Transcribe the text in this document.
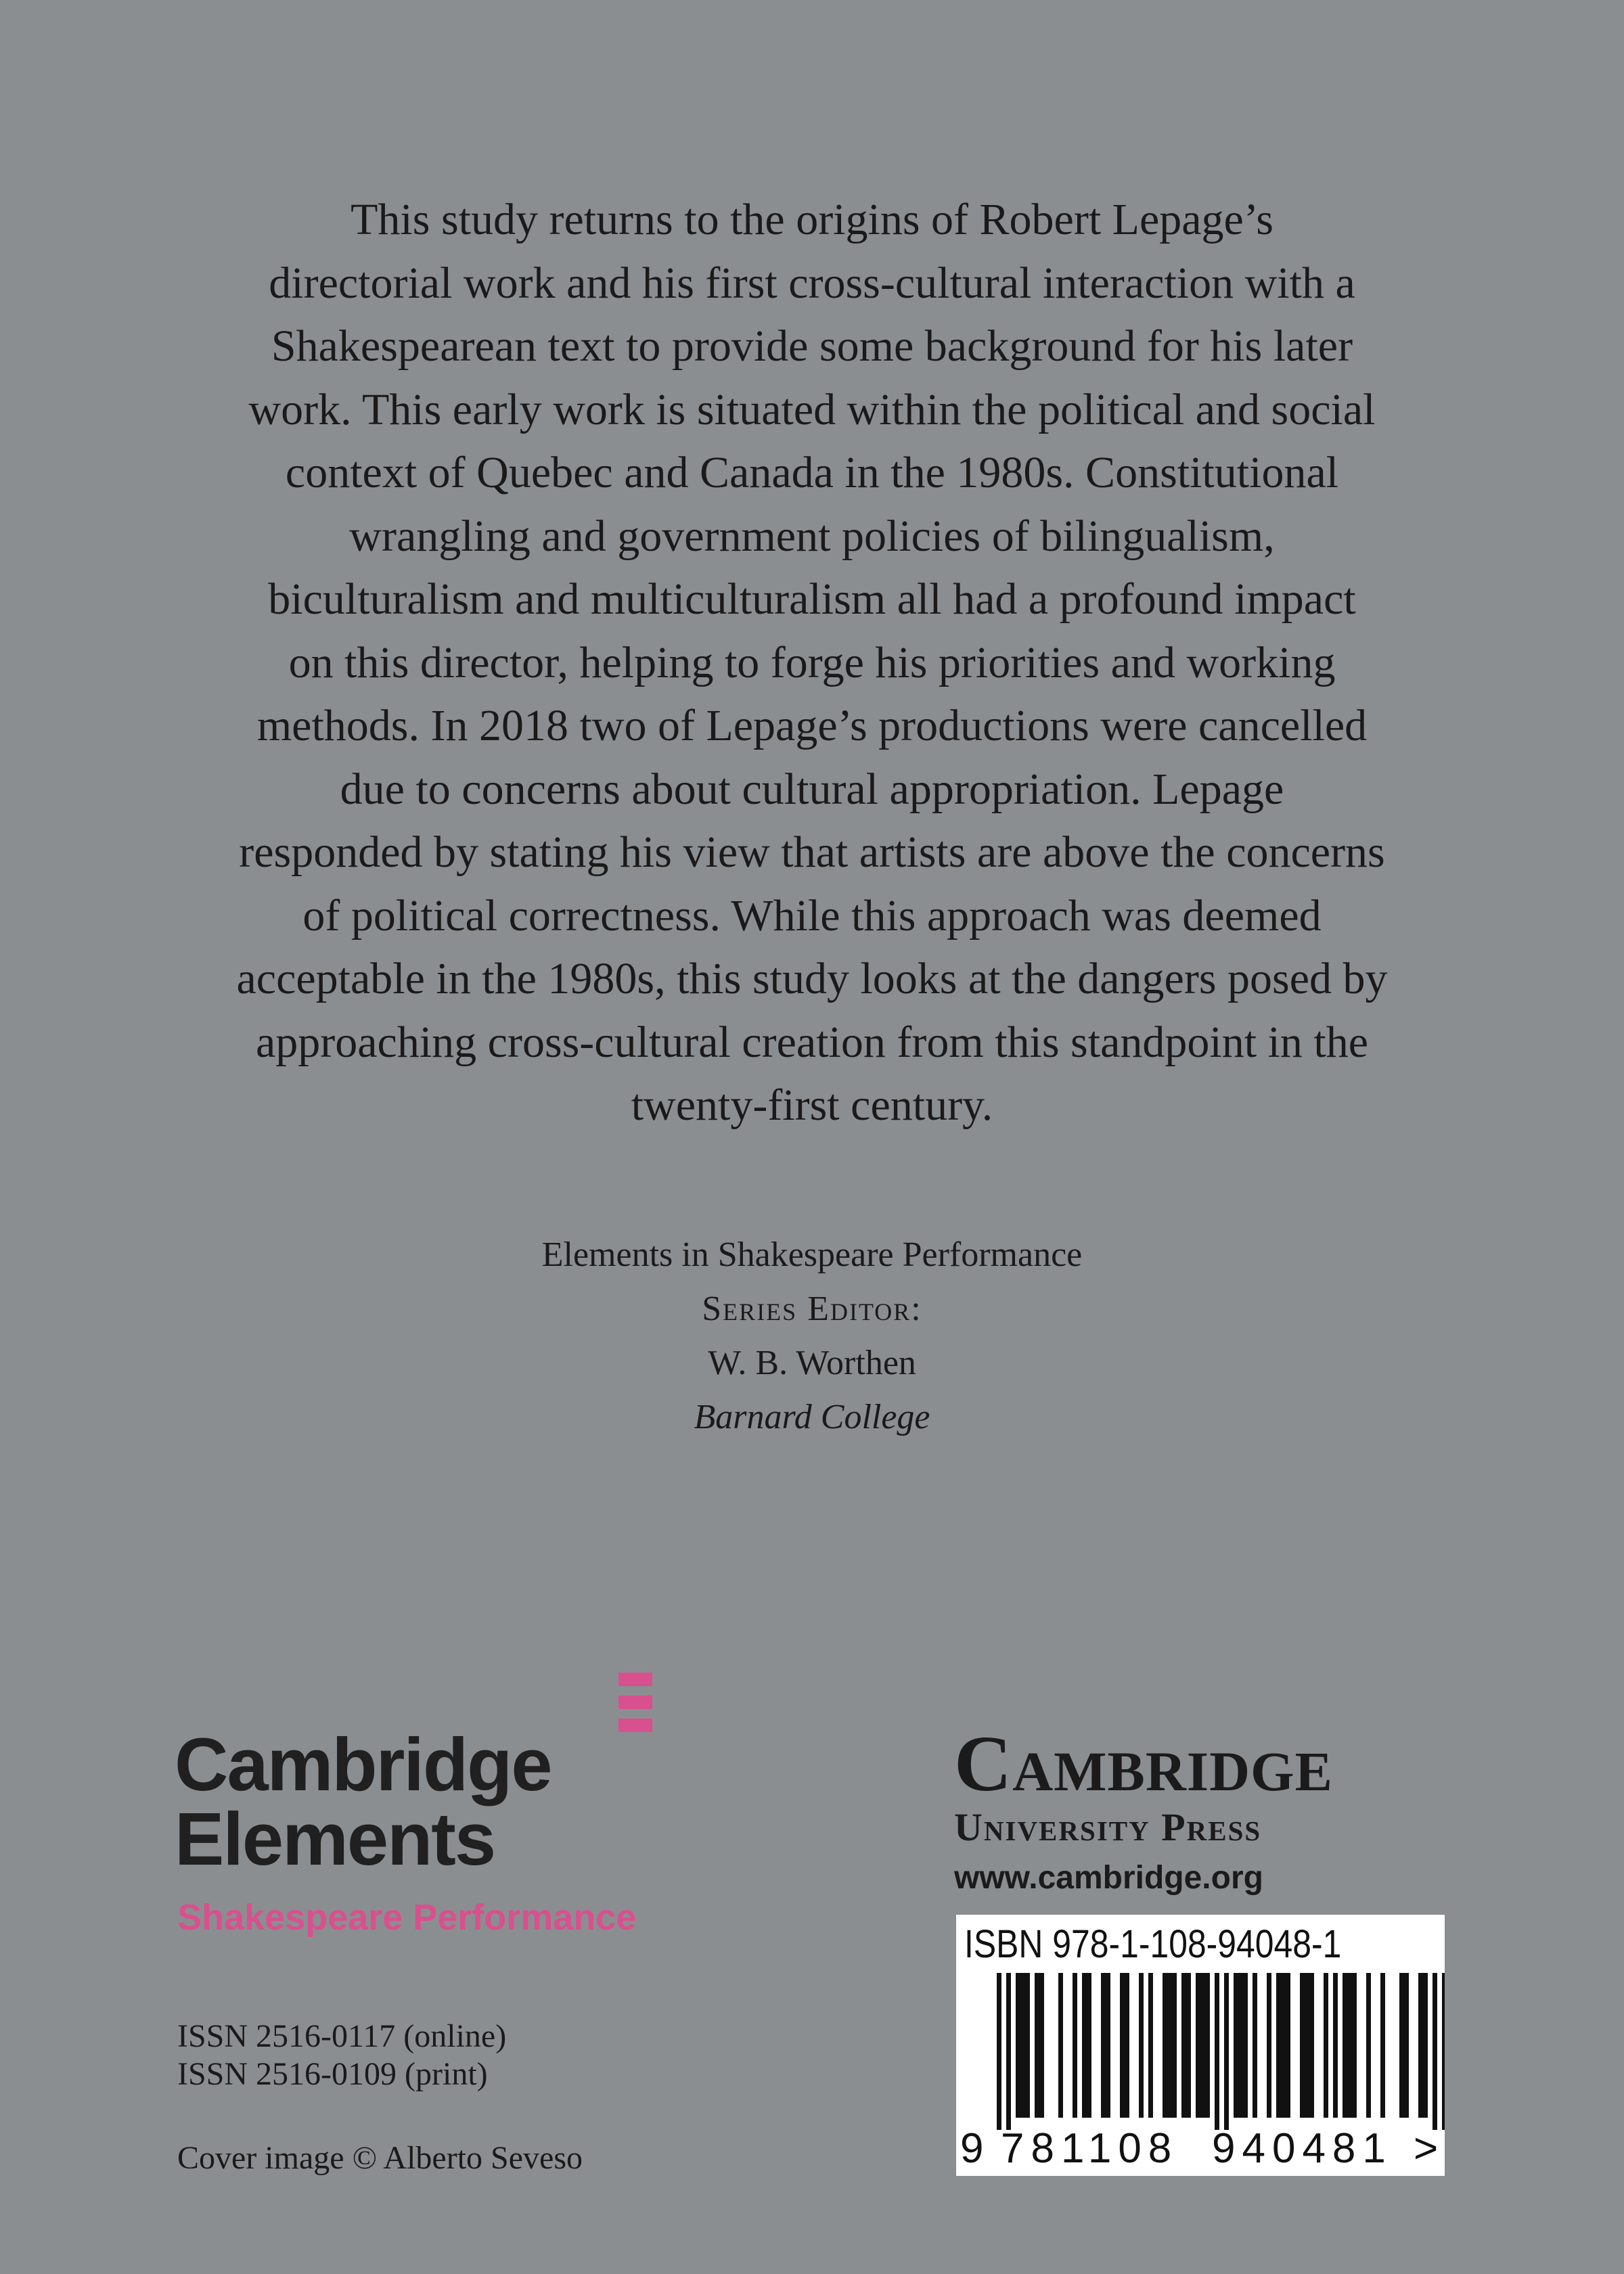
This study returns to the origins of Robert Lepage’s
directorial work and his first cross-cultural interaction with a
Shakespearean text to provide some background for his later
work. This early work is situated within the political and social
context of Quebec and Canada in the 1980s. Constitutional
wrangling and government policies of bilingualism,
biculturalism and multiculturalism all had a profound impact
on this director, helping to forge his priorities and working
methods. In 2018 two of Lepage’s productions were cancelled
due to concerns about cultural appropriation. Lepage
responded by stating his view that artists are above the concerns
of political correctness. While this approach was deemed
acceptable in the 1980s, this study looks at the dangers posed by
approaching cross-cultural creation from this standpoint in the
twenty-first century.
Elements in Shakespeare Performance
Series Editor:
W. B. Worthen
Barnard College
Cambridge
Elements
Shakespeare Performance
Cambridge
University Press
www.cambridge.org
ISSN 2516-0117 (online)
ISSN 2516-0109 (print)
Cover image © Alberto Seveso
ISBN 978-1-108-94048-1
9 781108 940481 >
